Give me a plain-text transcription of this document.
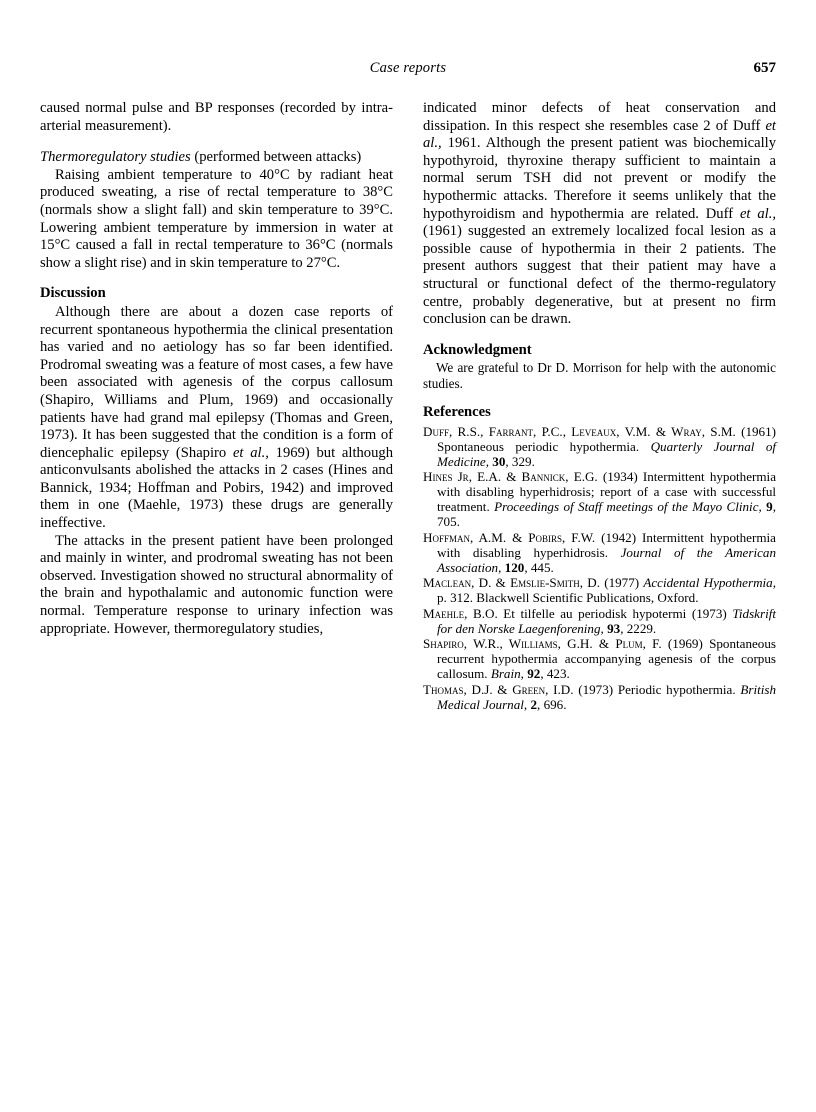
Case reports	657

caused normal pulse and BP responses (recorded by intra-arterial measurement).

Thermoregulatory studies (performed between attacks)

Raising ambient temperature to 40°C by radiant heat produced sweating, a rise of rectal temperature to 38°C (normals show a slight fall) and skin temperature to 39°C. Lowering ambient temperature by immersion in water at 15°C caused a fall in rectal temperature to 36°C (normals show a slight rise) and in skin temperature to 27°C.

Discussion

Although there are about a dozen case reports of recurrent spontaneous hypothermia the clinical presentation has varied and no aetiology has so far been identified. Prodromal sweating was a feature of most cases, a few have been associated with agenesis of the corpus callosum (Shapiro, Williams and Plum, 1969) and occasionally patients have had grand mal epilepsy (Thomas and Green, 1973). It has been suggested that the condition is a form of diencephalic epilepsy (Shapiro et al., 1969) but although anticonvulsants abolished the attacks in 2 cases (Hines and Bannick, 1934; Hoffman and Pobirs, 1942) and improved them in one (Maehle, 1973) these drugs are generally ineffective.

The attacks in the present patient have been prolonged and mainly in winter, and prodromal sweating has not been observed. Investigation showed no structural abnormality of the brain and hypothalamic and autonomic function were normal. Temperature response to urinary infection was appropriate. However, thermoregulatory studies,

indicated minor defects of heat conservation and dissipation. In this respect she resembles case 2 of Duff et al., 1961. Although the present patient was biochemically hypothyroid, thyroxine therapy sufficient to maintain a normal serum TSH did not prevent or modify the hypothermic attacks. Therefore it seems unlikely that the hypothyroidism and hypothermia are related. Duff et al., (1961) suggested an extremely localized focal lesion as a possible cause of hypothermia in their 2 patients. The present authors suggest that their patient may have a structural or functional defect of the thermo-regulatory centre, probably degenerative, but at present no firm conclusion can be drawn.

Acknowledgment

We are grateful to Dr D. Morrison for help with the autonomic studies.

References
Duff, R.S., Farrant, P.C., Leveaux, V.M. & Wray, S.M. (1961) Spontaneous periodic hypothermia. Quarterly Journal of Medicine, 30, 329.
Hines Jr, E.A. & Bannick, E.G. (1934) Intermittent hypothermia with disabling hyperhidrosis; report of a case with successful treatment. Proceedings of Staff meetings of the Mayo Clinic, 9, 705.
Hoffman, A.M. & Pobirs, F.W. (1942) Intermittent hypothermia with disabling hyperhidrosis. Journal of the American Association, 120, 445.
Maclean, D. & Emslie-Smith, D. (1977) Accidental Hypothermia, p. 312. Blackwell Scientific Publications, Oxford.
Maehle, B.O. Et tilfelle au periodisk hypotermi (1973) Tidskrift for den Norske Laegenforening, 93, 2229.
Shapiro, W.R., Williams, G.H. & Plum, F. (1969) Spontaneous recurrent hypothermia accompanying agenesis of the corpus callosum. Brain, 92, 423.
Thomas, D.J. & Green, I.D. (1973) Periodic hypothermia. British Medical Journal, 2, 696.
